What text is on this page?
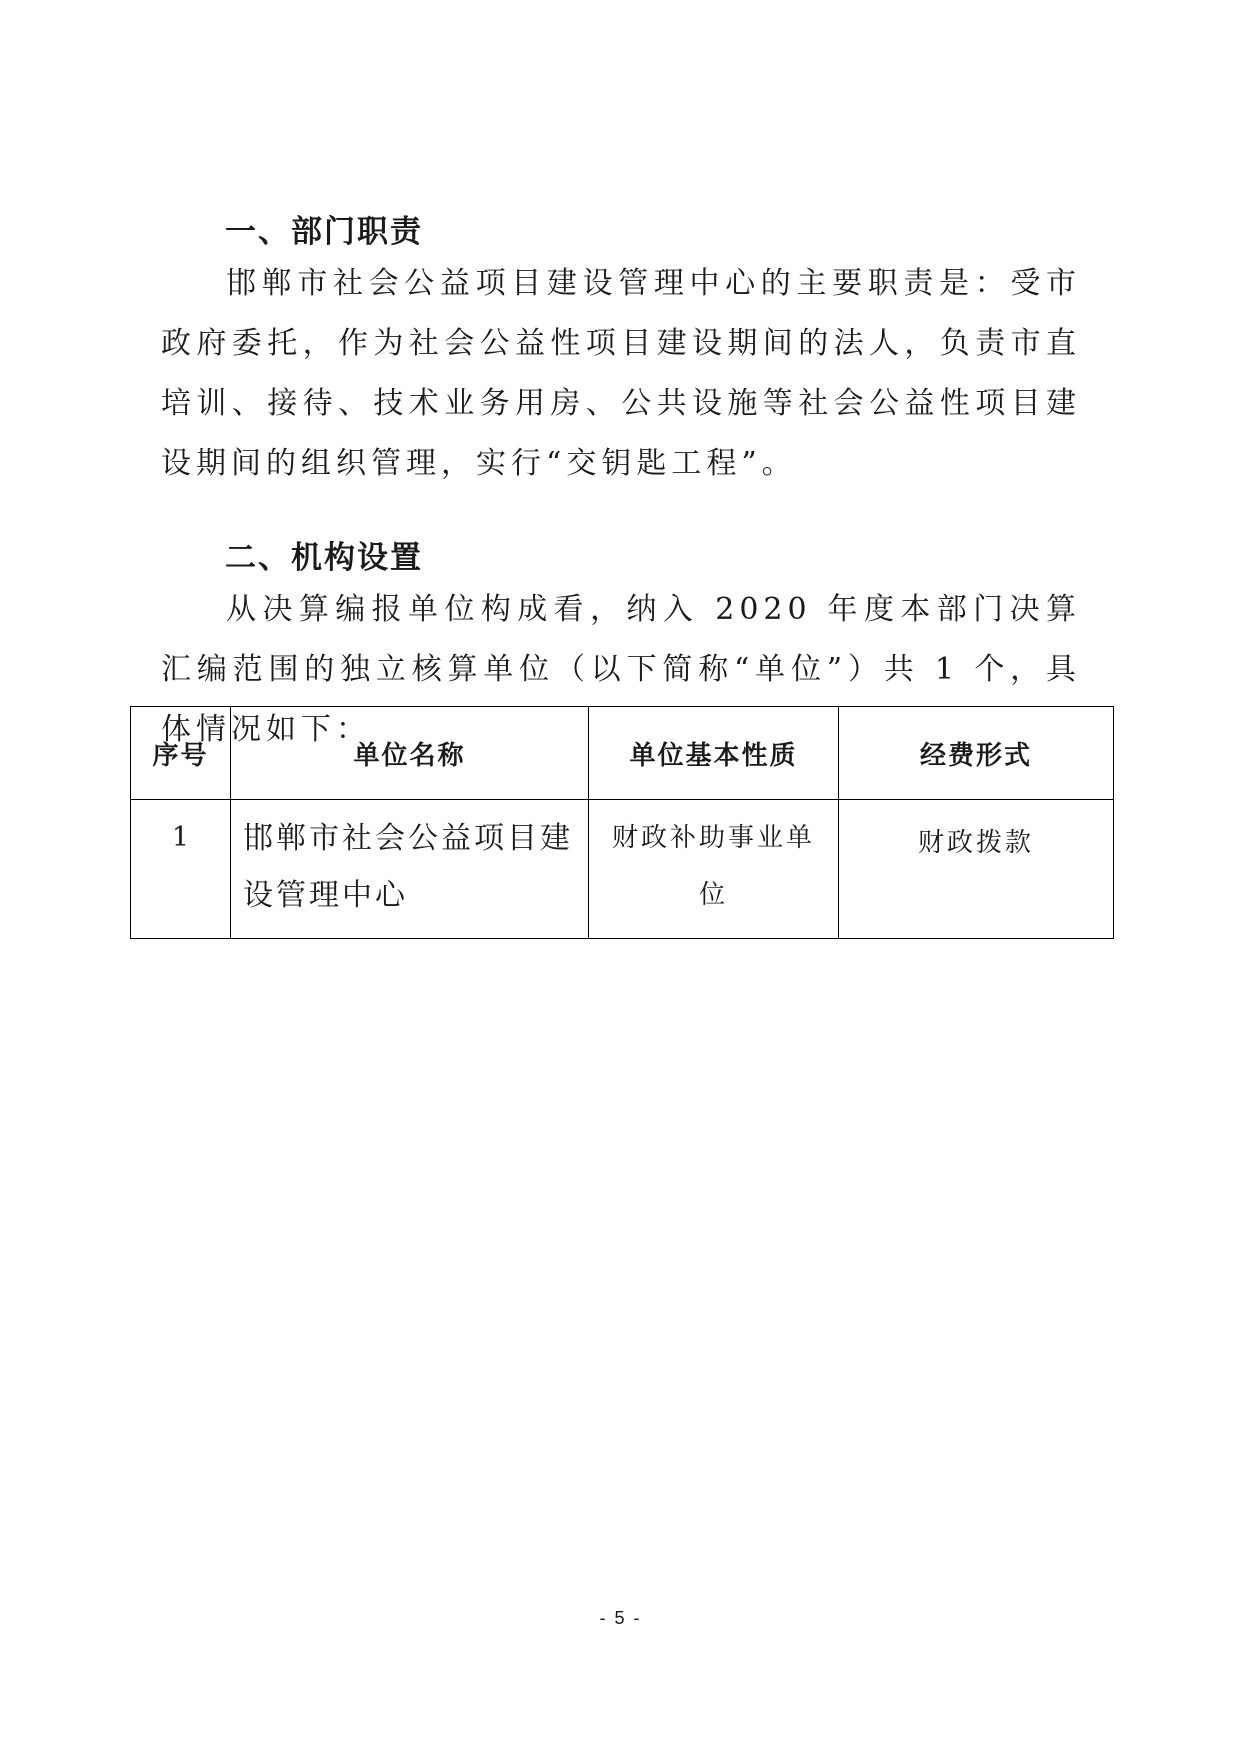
一、部门职责

邯郸市社会公益项目建设管理中心的主要职责是：受市政府委托，作为社会公益性项目建设期间的法人，负责市直培训、接待、技术业务用房、公共设施等社会公益性项目建设期间的组织管理，实行“交钥匙工程”。

二、机构设置

从决算编报单位构成看，纳入 2020 年度本部门决算汇编范围的独立核算单位（以下简称“单位”）共 1 个，具体情况如下：

序号	单位名称	单位基本性质	经费形式
1	邯郸市社会公益项目建设管理中心	财政补助事业单位	财政拨款
- 5 -
